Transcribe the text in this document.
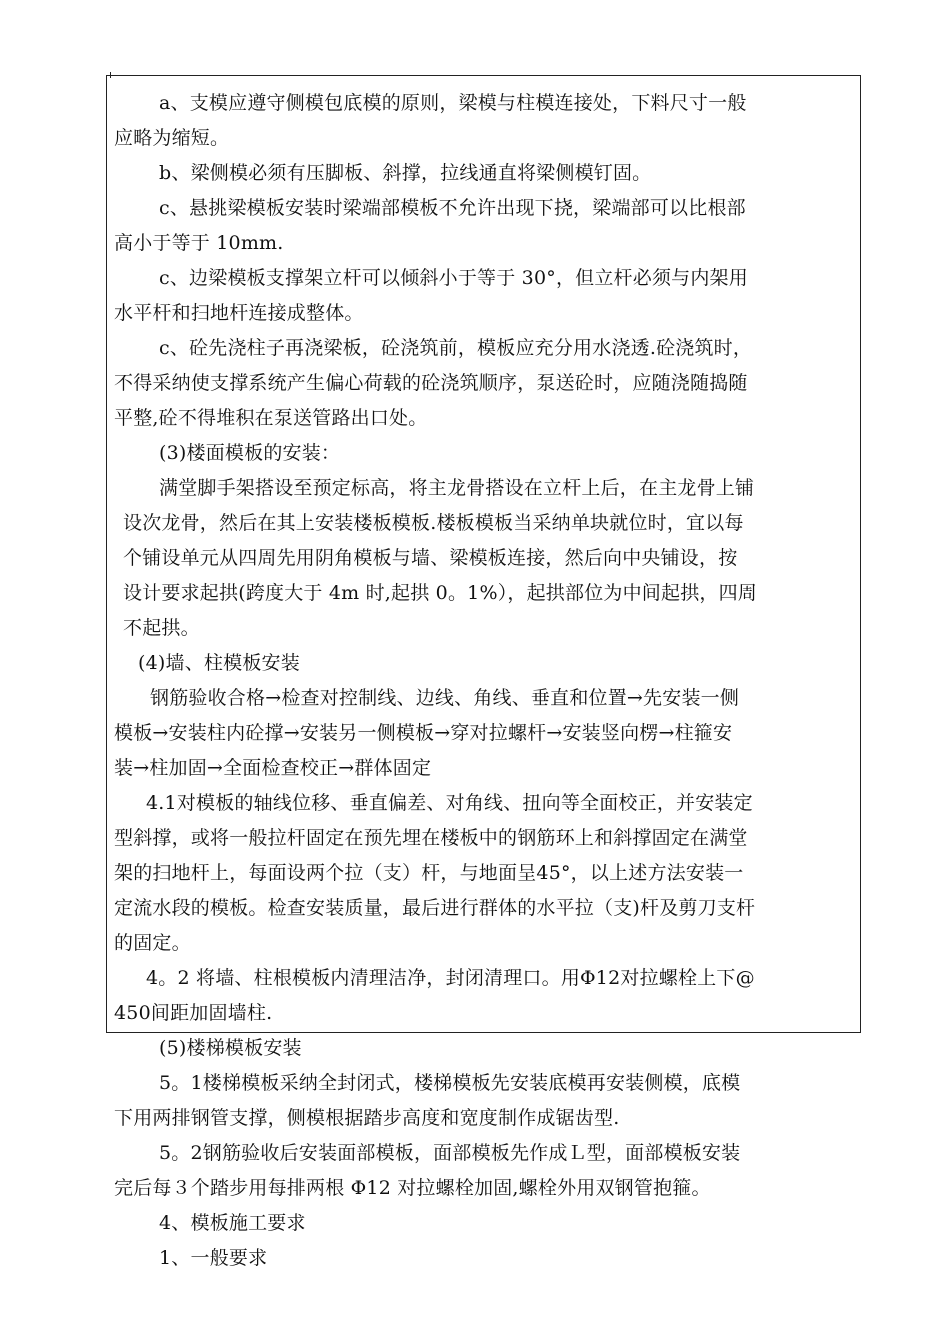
a、支模应遵守侧模包底模的原则，梁模与柱模连接处，下料尺寸一般
应略为缩短。
b、梁侧模必须有压脚板、斜撑，拉线通直将梁侧模钉固。
c、悬挑梁模板安装时梁端部模板不允许出现下挠，梁端部可以比根部
高小于等于 10mm.
c、边梁模板支撑架立杆可以倾斜小于等于 30°，但立杆必须与内架用
水平杆和扫地杆连接成整体。
c、砼先浇柱子再浇梁板，砼浇筑前，模板应充分用水浇透.砼浇筑时，
不得采纳使支撑系统产生偏心荷载的砼浇筑顺序，泵送砼时，应随浇随捣随
平整,砼不得堆积在泵送管路出口处。
(3)楼面模板的安装：
满堂脚手架搭设至预定标高，将主龙骨搭设在立杆上后，在主龙骨上铺
设次龙骨，然后在其上安装楼板模板.楼板模板当采纳单块就位时，宜以每
个铺设单元从四周先用阴角模板与墙、梁模板连接，然后向中央铺设，按
设计要求起拱(跨度大于 4m 时,起拱 0。1%），起拱部位为中间起拱，四周
不起拱。
(4)墙、柱模板安装
钢筋验收合格→检查对控制线、边线、角线、垂直和位置→先安装一侧
模板→安装柱内砼撑→安装另一侧模板→穿对拉螺杆→安装竖向楞→柱箍安
装→柱加固→全面检查校正→群体固定
4.1对模板的轴线位移、垂直偏差、对角线、扭向等全面校正，并安装定
型斜撑，或将一般拉杆固定在预先埋在楼板中的钢筋环上和斜撑固定在满堂
架的扫地杆上，每面设两个拉（支）杆，与地面呈45°，以上述方法安装一
定流水段的模板。检查安装质量，最后进行群体的水平拉（支)杆及剪刀支杆
的固定。
4。2 将墙、柱根模板内清理洁净，封闭清理口。用Φ12对拉螺栓上下@
450间距加固墙柱.
(5)楼梯模板安装
5。1楼梯模板采纳全封闭式，楼梯模板先安装底模再安装侧模，底模
下用两排钢管支撑，侧模根据踏步高度和宽度制作成锯齿型.
5。2钢筋验收后安装面部模板，面部模板先作成Ｌ型，面部模板安装
完后每３个踏步用每排两根 Φ12 对拉螺栓加固,螺栓外用双钢管抱箍。
4、模板施工要求
1、一般要求
